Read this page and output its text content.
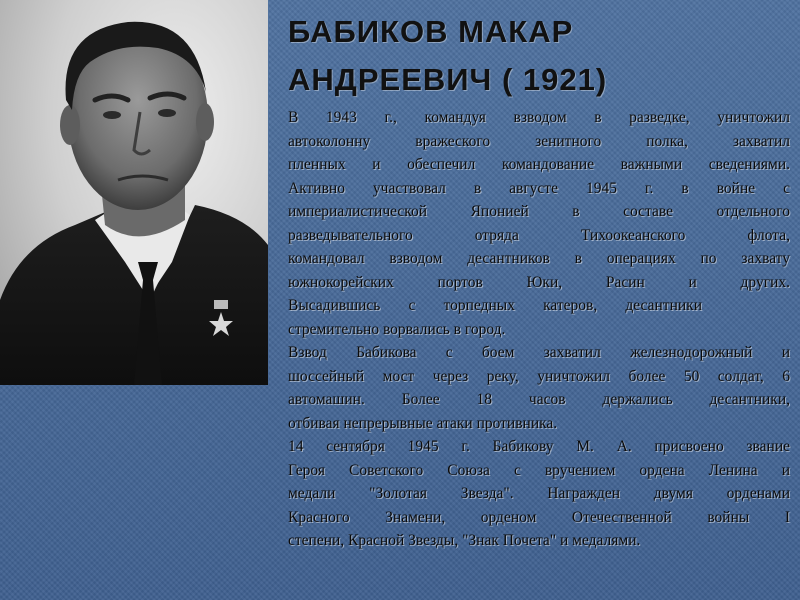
БАБИКОВ МАКАР
АНДРЕЕВИЧ ( 1921)

В 1943 г., командуя взводом в разведке, уничтожил
автоколонну вражеского зенитного полка, захватил
пленных и обеспечил командование важными сведениями.
Активно участвовал в августе 1945 г. в войне с
империалистической Японией в составе отдельного
разведывательного отряда Тихоокеанского флота,
командовал взводом десантников в операциях по захвату
южнокорейских портов Юки, Расин и других.
Высадившись с торпедных катеров, десантники
стремительно ворвались в город.

Взвод Бабикова с боем захватил железнодорожный и
шоссейный мост через реку, уничтожил более 50 солдат, 6
автомашин. Более 18 часов держались десантники,
отбивая непрерывные атаки противника.

14 сентября 1945 г. Бабикову М. А. присвоено звание
Героя Советского Союза с вручением ордена Ленина и
медали "Золотая Звезда". Награжден двумя орденами
Красного Знамени, орденом Отечественной войны I
степени, Красной Звезды, "Знак Почета" и медалями.
